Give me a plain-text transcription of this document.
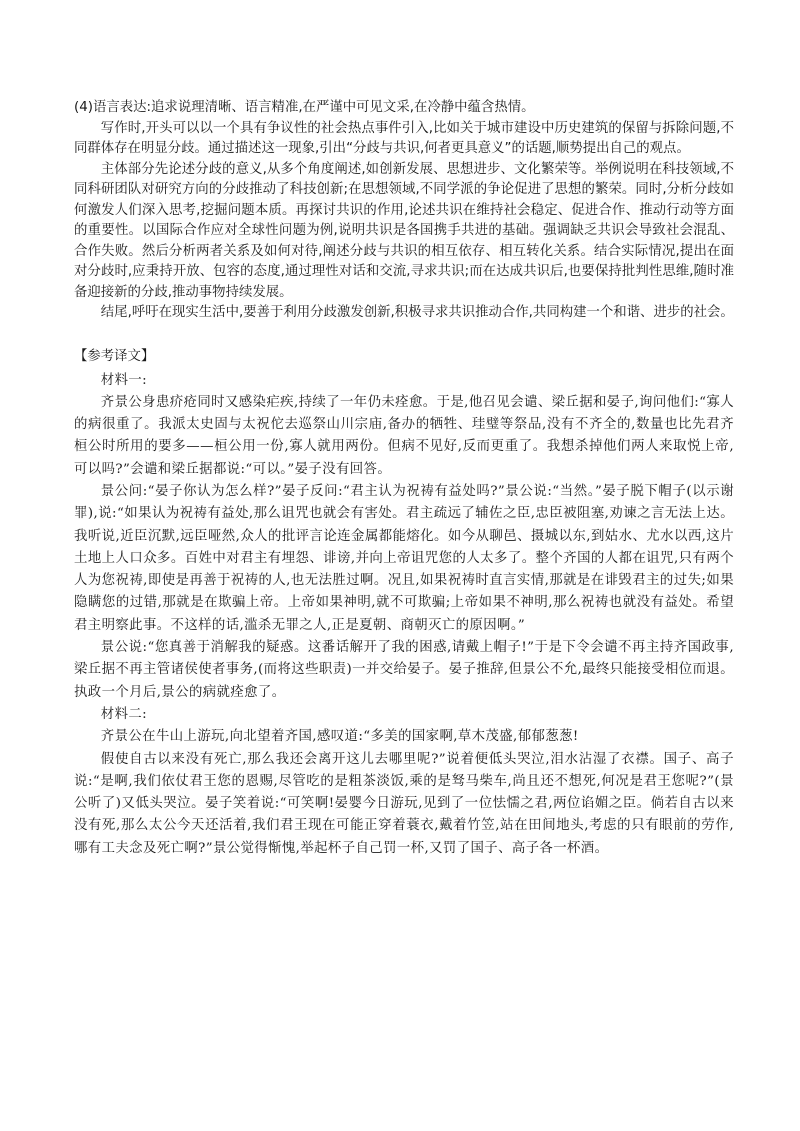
(4)语言表达:追求说理清晰、语言精准,在严谨中可见文采,在冷静中蕴含热情。

写作时,开头可以以一个具有争议性的社会热点事件引入,比如关于城市建设中历史建筑的保留与拆除问题,不同群体存在明显分歧。通过描述这一现象,引出“分歧与共识,何者更具意义”的话题,顺势提出自己的观点。

主体部分先论述分歧的意义,从多个角度阐述,如创新发展、思想进步、文化繁荣等。举例说明在科技领域,不同科研团队对研究方向的分歧推动了科技创新;在思想领域,不同学派的争论促进了思想的繁荣。同时,分析分歧如何激发人们深入思考,挖掘问题本质。再探讨共识的作用,论述共识在维持社会稳定、促进合作、推动行动等方面的重要性。以国际合作应对全球性问题为例,说明共识是各国携手共进的基础。强调缺乏共识会导致社会混乱、合作失败。然后分析两者关系及如何对待,阐述分歧与共识的相互依存、相互转化关系。结合实际情况,提出在面对分歧时,应秉持开放、包容的态度,通过理性对话和交流,寻求共识;而在达成共识后,也要保持批判性思维,随时准备迎接新的分歧,推动事物持续发展。

结尾,呼吁在现实生活中,要善于利用分歧激发创新,积极寻求共识推动合作,共同构建一个和谐、进步的社会。

【参考译文】

材料一:

齐景公身患疥疮同时又感染疟疾,持续了一年仍未痊愈。于是,他召见会谴、梁丘据和晏子,询问他们:“寡人的病很重了。我派太史固与太祝佗去巡祭山川宗庙,备办的牺牲、珪璧等祭品,没有不齐全的,数量也比先君齐桓公时所用的要多——桓公用一份,寡人就用两份。但病不见好,反而更重了。我想杀掉他们两人来取悦上帝,可以吗?”会谴和梁丘据都说:“可以。”晏子没有回答。

景公问:“晏子你认为怎么样?”晏子反问:“君主认为祝祷有益处吗?”景公说:“当然。”晏子脱下帽子(以示谢罪),说:“如果认为祝祷有益处,那么诅咒也就会有害处。君主疏远了辅佐之臣,忠臣被阻塞,劝谏之言无法上达。我听说,近臣沉默,远臣哑然,众人的批评言论连金属都能熔化。如今从聊邑、摄城以东,到姑水、尤水以西,这片土地上人口众多。百姓中对君主有埋怨、诽谤,并向上帝诅咒您的人太多了。整个齐国的人都在诅咒,只有两个人为您祝祷,即使是再善于祝祷的人,也无法胜过啊。况且,如果祝祷时直言实情,那就是在诽毁君主的过失;如果隐瞒您的过错,那就是在欺骗上帝。上帝如果神明,就不可欺骗;上帝如果不神明,那么祝祷也就没有益处。希望君主明察此事。不这样的话,滥杀无罪之人,正是夏朝、商朝灭亡的原因啊。”

景公说:“您真善于消解我的疑惑。这番话解开了我的困惑,请戴上帽子!”于是下令会谴不再主持齐国政事,梁丘据不再主管诸侯使者事务,(而将这些职责)一并交给晏子。晏子推辞,但景公不允,最终只能接受相位而退。执政一个月后,景公的病就痊愈了。

材料二:

齐景公在牛山上游玩,向北望着齐国,感叹道:“多美的国家啊,草木茂盛,郁郁葱葱!

假使自古以来没有死亡,那么我还会离开这儿去哪里呢?”说着便低头哭泣,泪水沾湿了衣襟。国子、高子说:“是啊,我们依仗君王您的恩赐,尽管吃的是粗茶淡饭,乘的是驽马柴车,尚且还不想死,何况是君王您呢?”(景公听了)又低头哭泣。晏子笑着说:“可笑啊!晏婴今日游玩,见到了一位怯懦之君,两位谄媚之臣。倘若自古以来没有死,那么太公今天还活着,我们君王现在可能正穿着蓑衣,戴着竹笠,站在田间地头,考虑的只有眼前的劳作,哪有工夫念及死亡啊?”景公觉得惭愧,举起杯子自己罚一杯,又罚了国子、高子各一杯酒。
